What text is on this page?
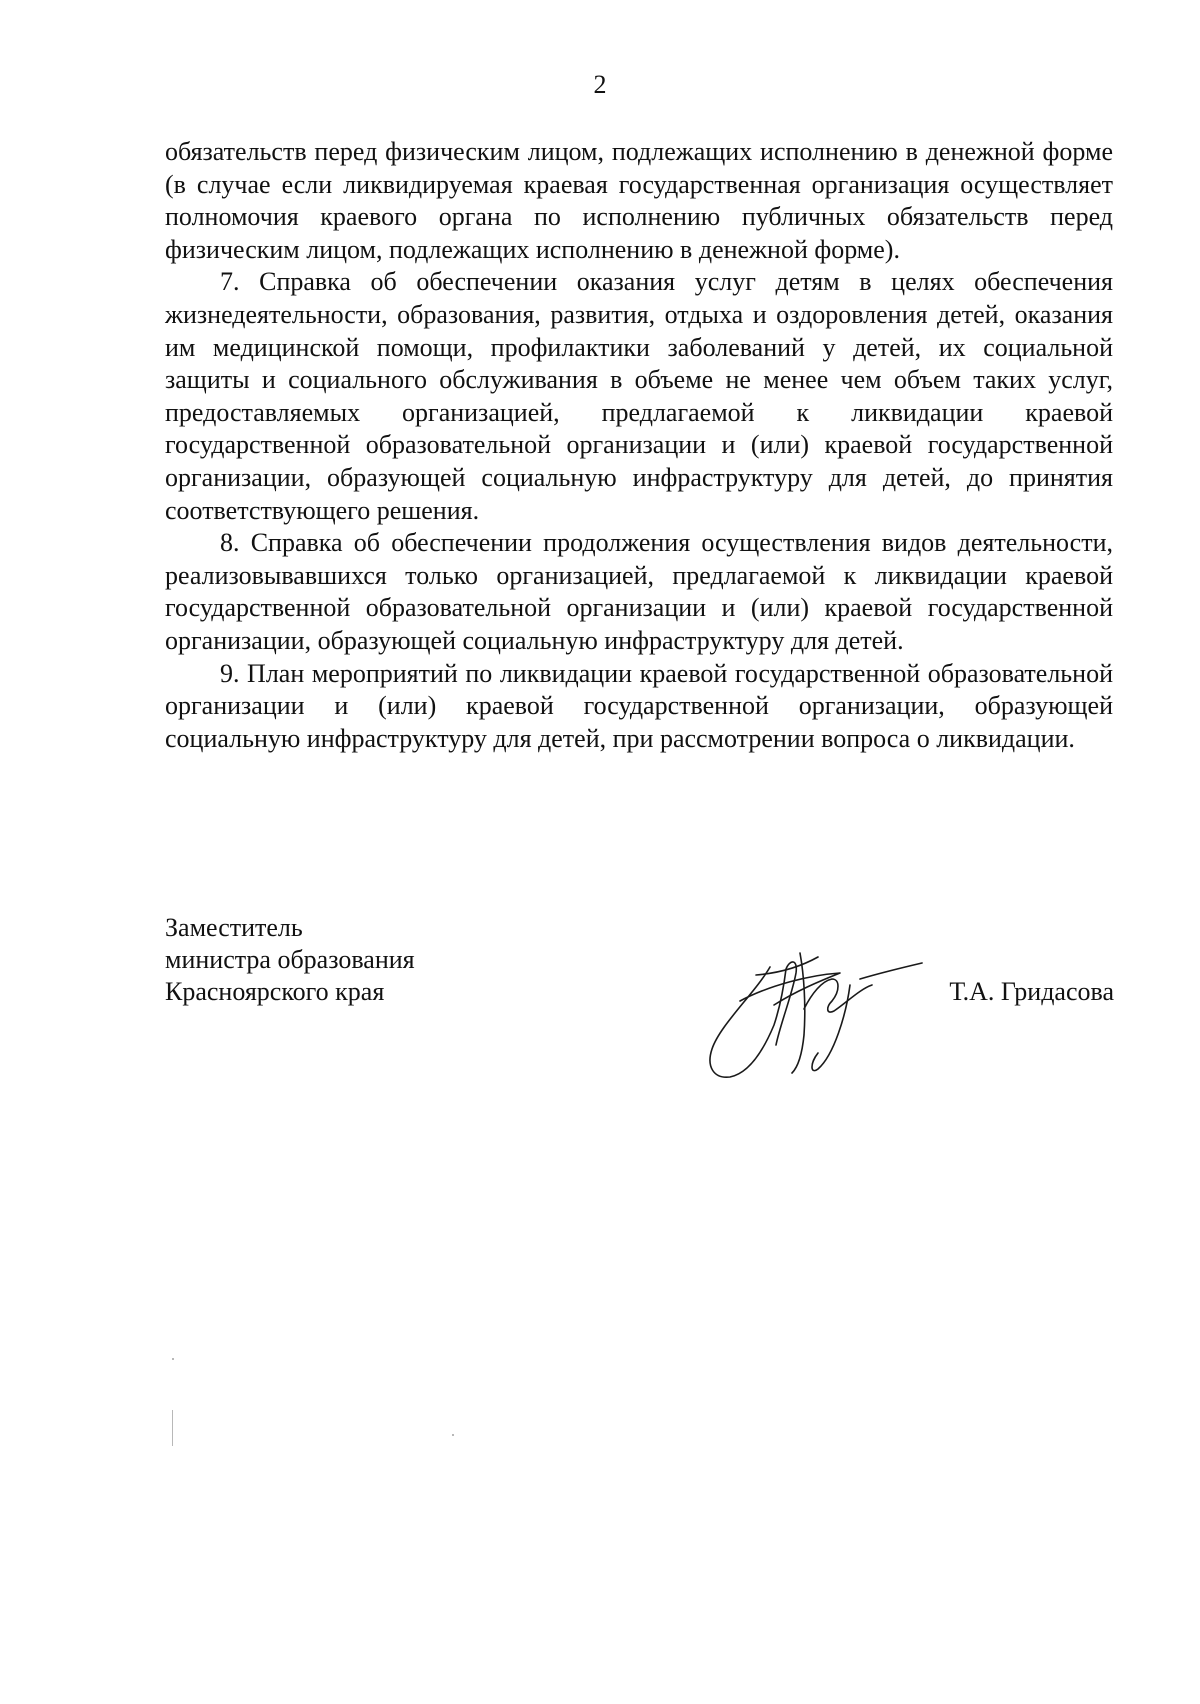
2

обязательств перед физическим лицом, подлежащих исполнению в денежной форме (в случае если ликвидируемая краевая государственная организация осуществляет полномочия краевого органа по исполнению публичных обязательств перед физическим лицом, подлежащих исполнению в денежной форме).

7. Справка об обеспечении оказания услуг детям в целях обеспечения жизнедеятельности, образования, развития, отдыха и оздоровления детей, оказания им медицинской помощи, профилактики заболеваний у детей, их социальной защиты и социального обслуживания в объеме не менее чем объем таких услуг, предоставляемых организацией, предлагаемой к ликвидации краевой государственной образовательной организации и (или) краевой государственной организации, образующей социальную инфраструктуру для детей, до принятия соответствующего решения.

8. Справка об обеспечении продолжения осуществления видов деятельности, реализовывавшихся только организацией, предлагаемой к ликвидации краевой государственной образовательной организации и (или) краевой государственной организации, образующей социальную инфраструктуру для детей.

9. План мероприятий по ликвидации краевой государственной образовательной организации и (или) краевой государственной организации, образующей социальную инфраструктуру для детей, при рассмотрении вопроса о ликвидации.

Заместитель
министра образования
Красноярского края	Т.А. Гридасова
